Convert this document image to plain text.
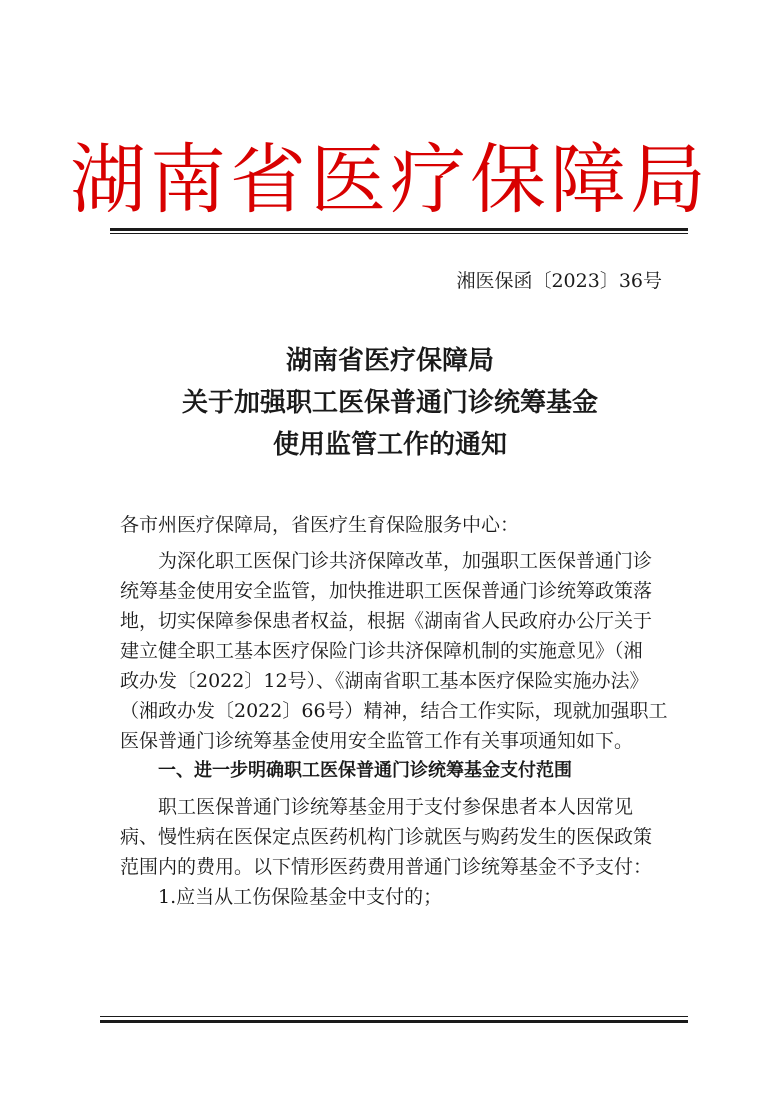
湖南省医疗保障局
湘医保函〔2023〕36号
湖南省医疗保障局
关于加强职工医保普通门诊统筹基金
使用监管工作的通知
各市州医疗保障局，省医疗生育保险服务中心：
为深化职工医保门诊共济保障改革，加强职工医保普通门诊
统筹基金使用安全监管，加快推进职工医保普通门诊统筹政策落
地，切实保障参保患者权益，根据《湖南省人民政府办公厅关于
建立健全职工基本医疗保险门诊共济保障机制的实施意见》（湘
政办发〔2022〕12号）、《湖南省职工基本医疗保险实施办法》
（湘政办发〔2022〕66号）精神，结合工作实际，现就加强职工
医保普通门诊统筹基金使用安全监管工作有关事项通知如下。
一、进一步明确职工医保普通门诊统筹基金支付范围
职工医保普通门诊统筹基金用于支付参保患者本人因常见
病、慢性病在医保定点医药机构门诊就医与购药发生的医保政策
范围内的费用。以下情形医药费用普通门诊统筹基金不予支付：
1.应当从工伤保险基金中支付的；
